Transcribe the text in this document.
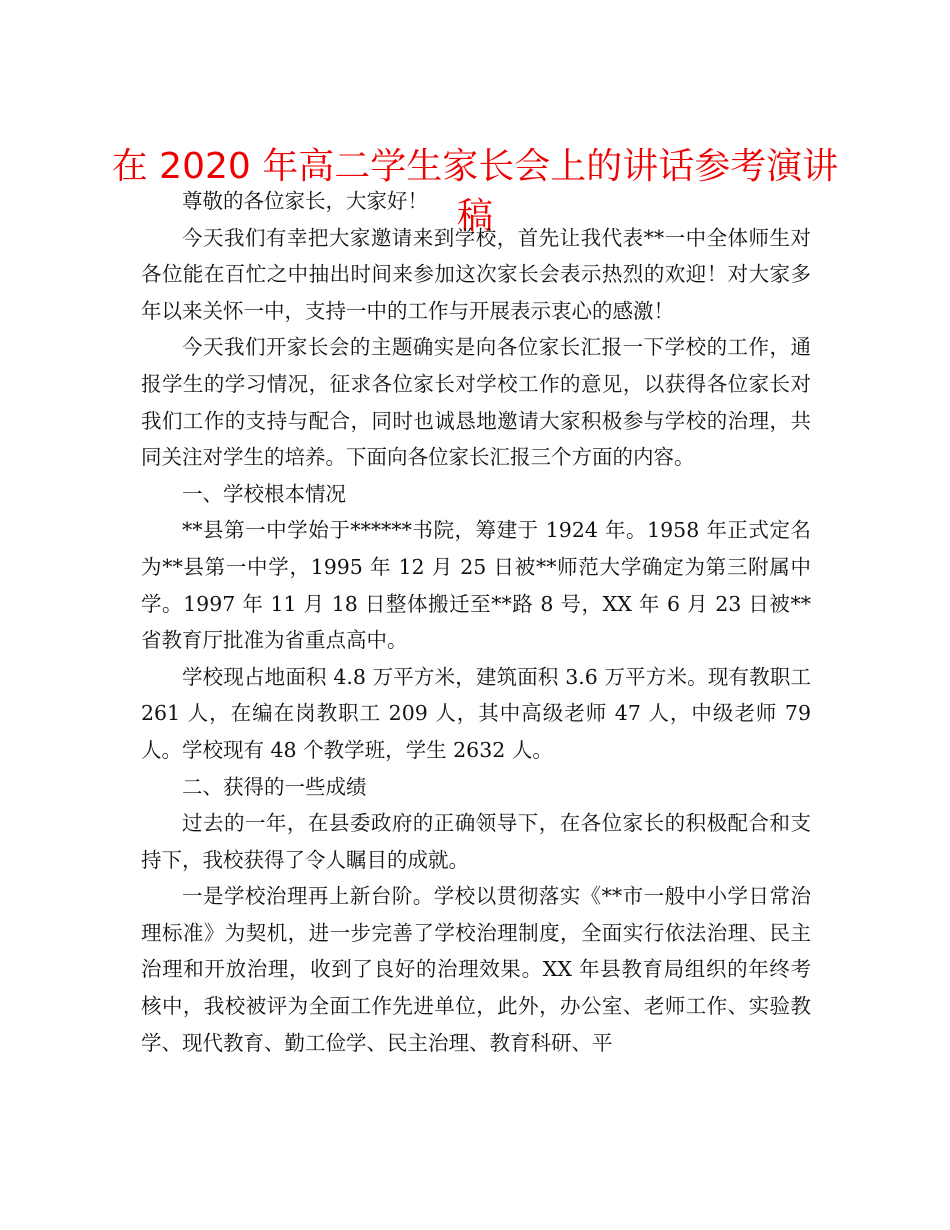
在 2020 年高二学生家长会上的讲话参考演讲稿

尊敬的各位家长，大家好！

今天我们有幸把大家邀请来到学校，首先让我代表**一中全体师生对各位能在百忙之中抽出时间来参加这次家长会表示热烈的欢迎！对大家多年以来关怀一中，支持一中的工作与开展表示衷心的感激！

今天我们开家长会的主题确实是向各位家长汇报一下学校的工作，通报学生的学习情况，征求各位家长对学校工作的意见，以获得各位家长对我们工作的支持与配合，同时也诚恳地邀请大家积极参与学校的治理，共同关注对学生的培养。下面向各位家长汇报三个方面的内容。

一、学校根本情况

**县第一中学始于******书院，筹建于 1924 年。1958 年正式定名为**县第一中学，1995 年 12 月 25 日被**师范大学确定为第三附属中学。1997 年 11 月 18 日整体搬迁至**路 8 号，XX 年 6 月 23 日被**省教育厅批准为省重点高中。

学校现占地面积 4.8 万平方米，建筑面积 3.6 万平方米。现有教职工 261 人，在编在岗教职工 209 人，其中高级老师 47 人，中级老师 79 人。学校现有 48 个教学班，学生 2632 人。

二、获得的一些成绩

过去的一年，在县委政府的正确领导下，在各位家长的积极配合和支持下，我校获得了令人瞩目的成就。

一是学校治理再上新台阶。学校以贯彻落实《**市一般中小学日常治理标准》为契机，进一步完善了学校治理制度，全面实行依法治理、民主治理和开放治理，收到了良好的治理效果。XX 年县教育局组织的年终考核中，我校被评为全面工作先进单位，此外，办公室、老师工作、实验教学、现代教育、勤工俭学、民主治理、教育科研、平
